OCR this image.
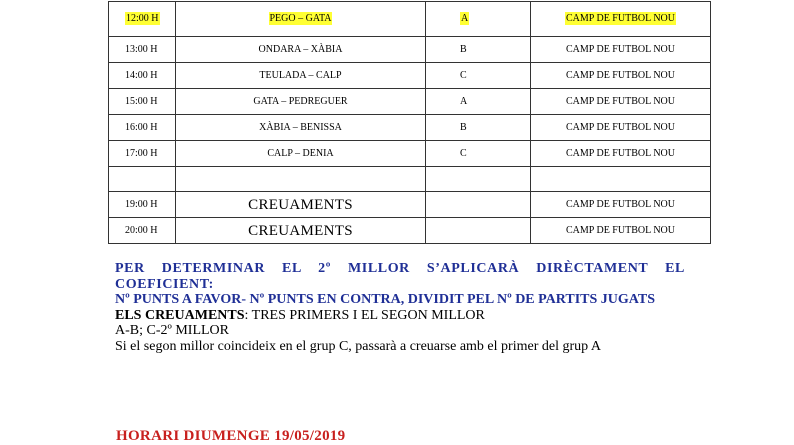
12:00 H	PEGO – GATA	A	CAMP DE FUTBOL NOU
13:00 H	ONDARA – XÀBIA	B	CAMP DE FUTBOL NOU
14:00 H	TEULADA – CALP	C	CAMP DE FUTBOL NOU
15:00 H	GATA – PEDREGUER	A	CAMP DE FUTBOL NOU
16:00 H	XÀBIA – BENISSA	B	CAMP DE FUTBOL NOU
17:00 H	CALP – DENIA	C	CAMP DE FUTBOL NOU

19:00 H	CREUAMENTS		CAMP DE FUTBOL NOU
20:00 H	CREUAMENTS		CAMP DE FUTBOL NOU

PER DETERMINAR EL 2º MILLOR S’APLICARÀ DIRÈCTAMENT EL COEFICIENT:

Nº PUNTS A FAVOR- Nº PUNTS EN CONTRA, DIVIDIT PEL Nº DE PARTITS JUGATS

ELS CREUAMENTS: TRES PRIMERS I EL SEGON MILLOR

A-B; C-2º MILLOR

Si el segon millor coincideix en el grup C, passarà a creuarse amb el primer del grup A

HORARI DIUMENGE 19/05/2019
